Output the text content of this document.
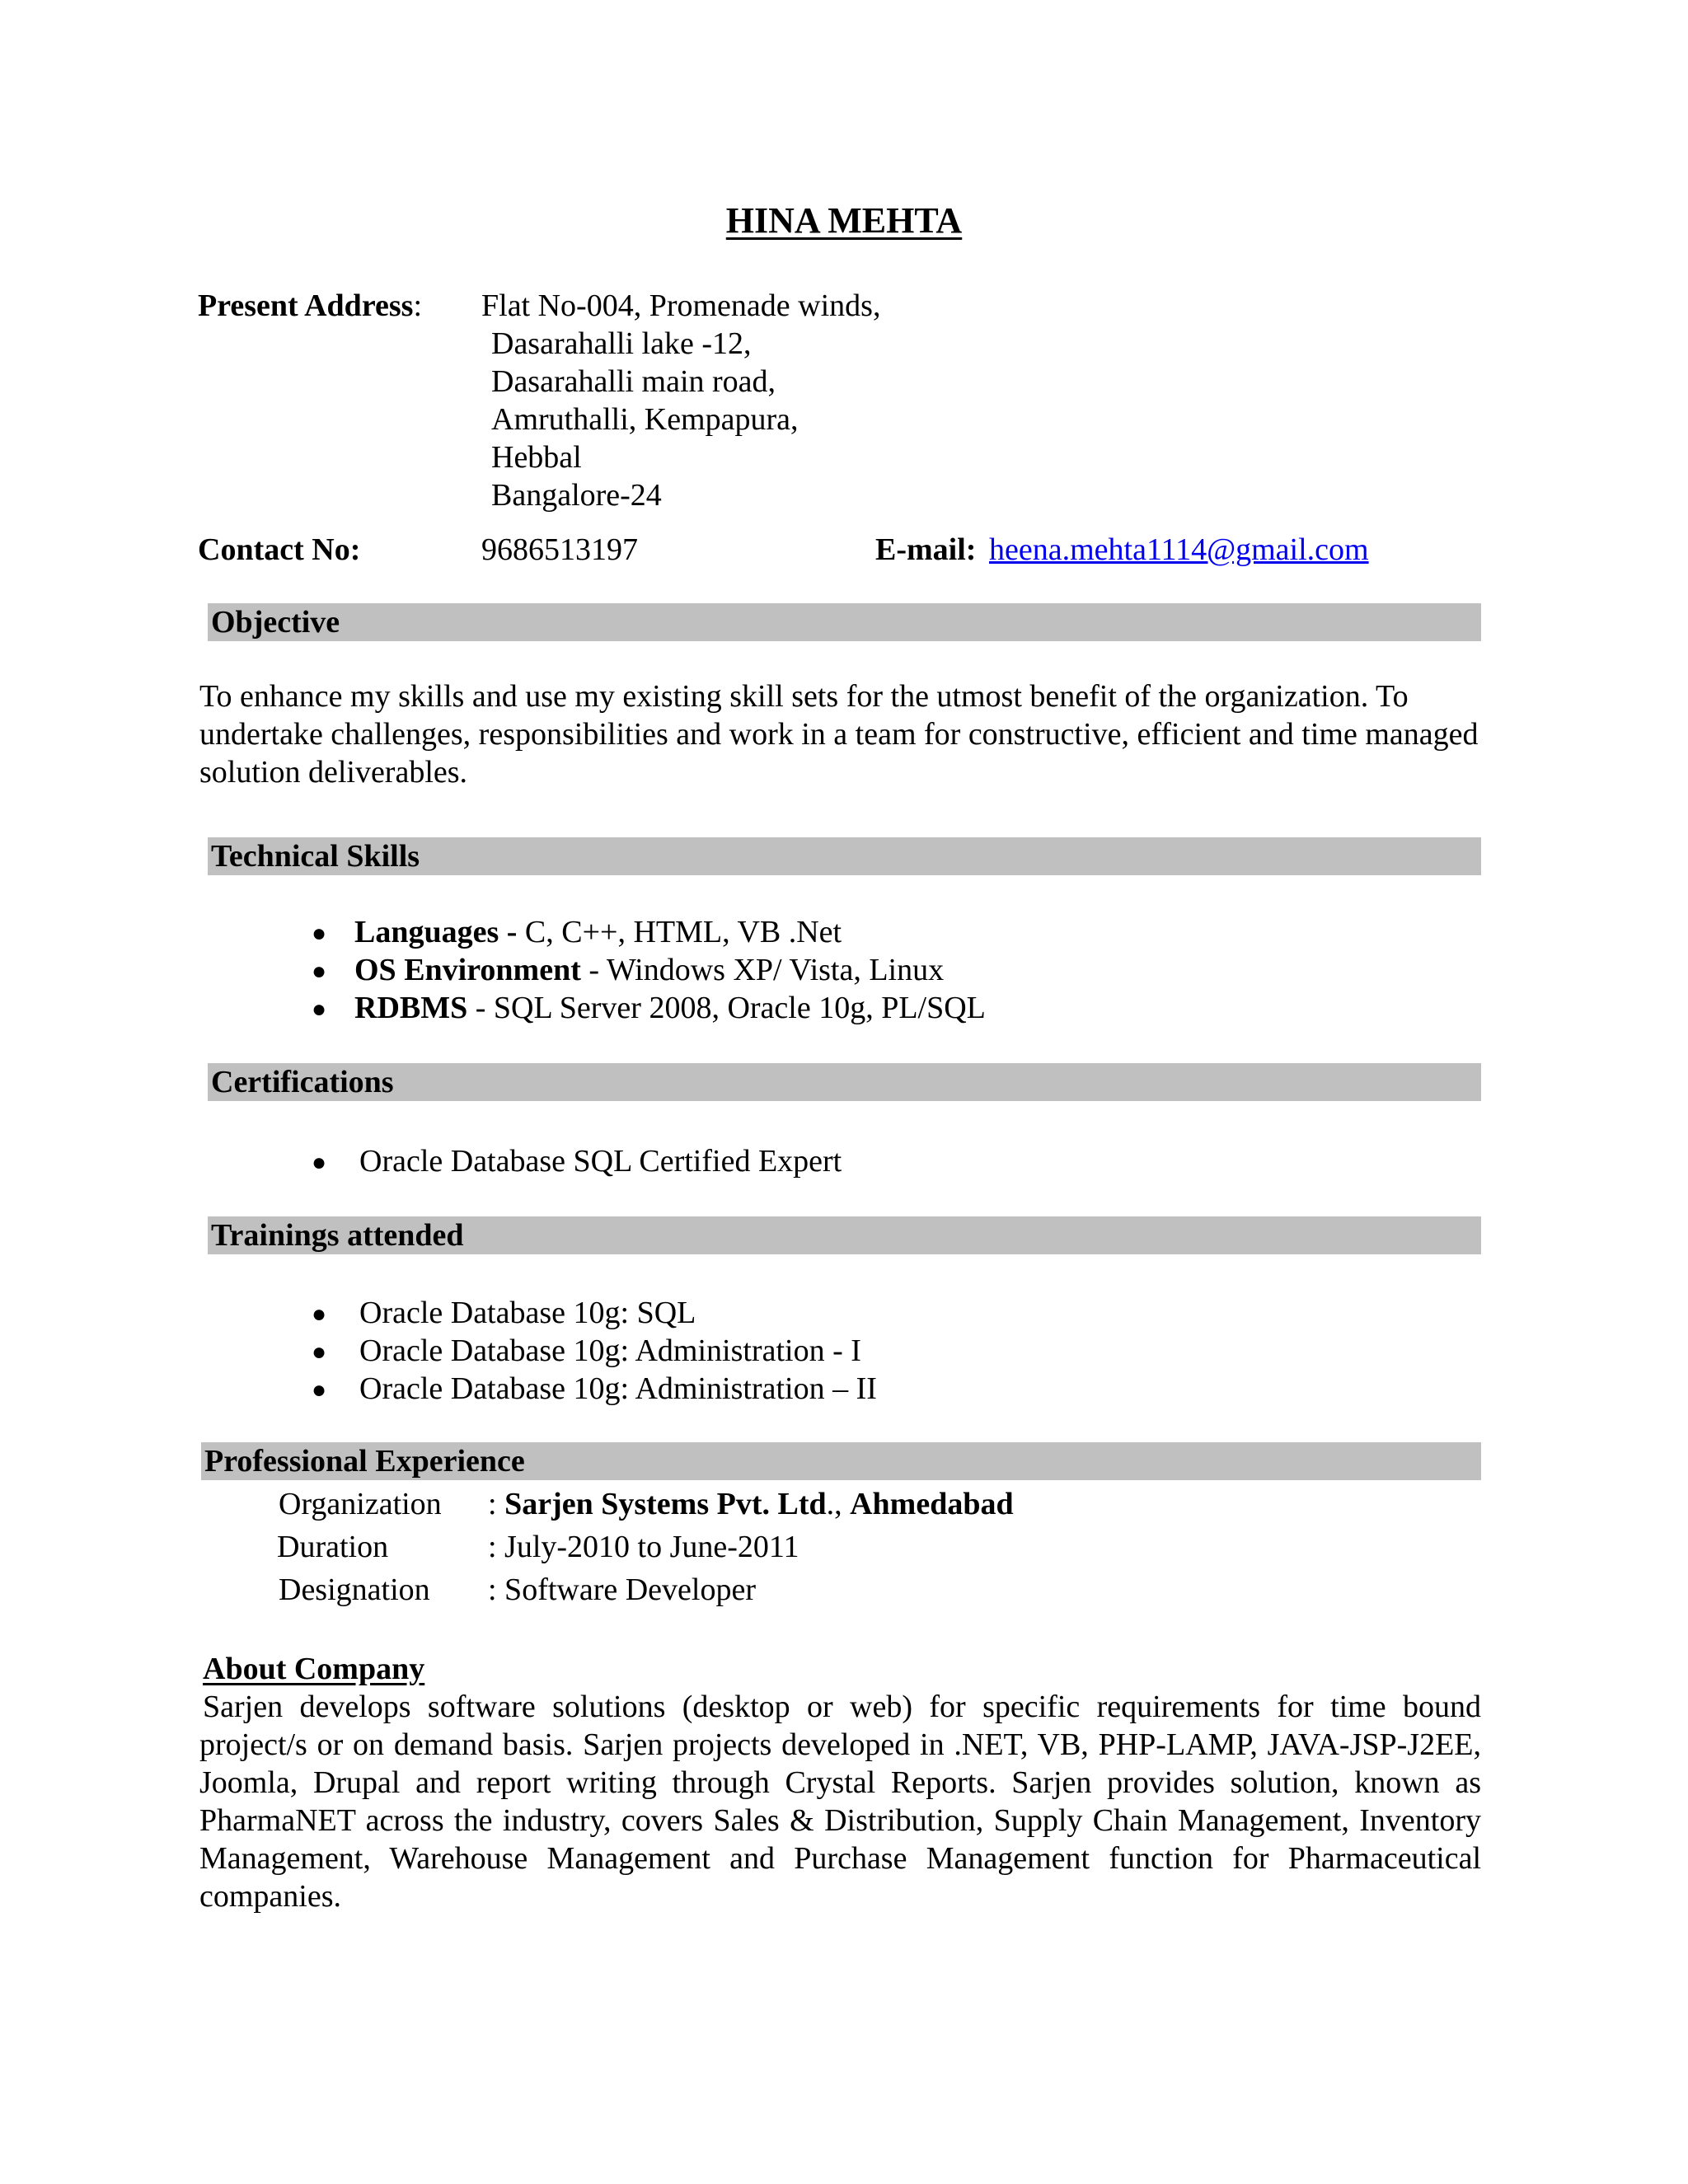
HINA MEHTA
Present Address: Flat No-004, Promenade winds,
Dasarahalli lake -12,
Dasarahalli main road,
Amruthalli, Kempapura,
Hebbal
Bangalore-24
Contact No:	9686513197	E-mail: heena.mehta1114@gmail.com
Objective
To enhance my skills and use my existing skill sets for the utmost benefit of the organization. To undertake challenges, responsibilities and work in a team for constructive, efficient and time managed solution deliverables.
Technical Skills
● Languages - C, C++, HTML, VB .Net
● OS Environment - Windows XP/ Vista, Linux
● RDBMS - SQL Server 2008, Oracle 10g, PL/SQL
Certifications
● Oracle Database SQL Certified Expert
Trainings attended
● Oracle Database 10g: SQL
● Oracle Database 10g: Administration - I
● Oracle Database 10g: Administration – II
Professional Experience
Organization : Sarjen Systems Pvt. Ltd., Ahmedabad
Duration	: July-2010 to June-2011
Designation : Software Developer
About Company
Sarjen develops software solutions (desktop or web) for specific requirements for time bound project/s or on demand basis. Sarjen projects developed in .NET, VB, PHP-LAMP, JAVA-JSP-J2EE, Joomla, Drupal and report writing through Crystal Reports. Sarjen provides solution, known as PharmaNET across the industry, covers Sales & Distribution, Supply Chain Management, Inventory Management, Warehouse Management and Purchase Management function for Pharmaceutical companies.
